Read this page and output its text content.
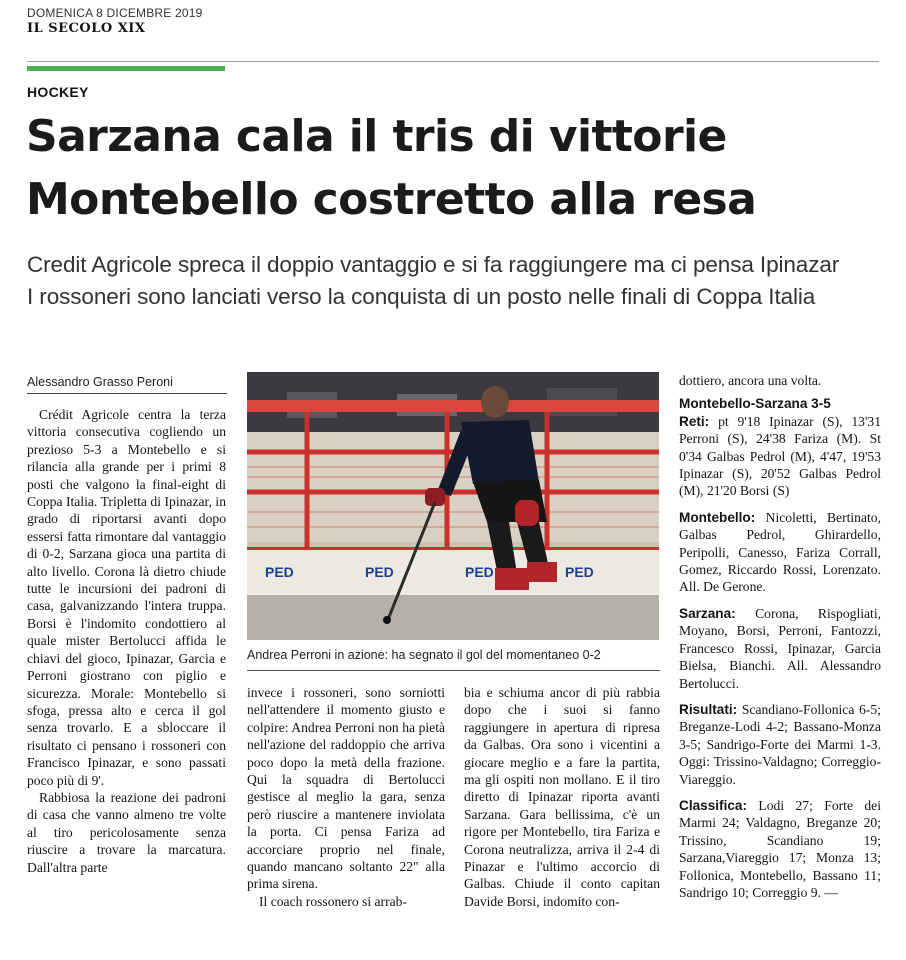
DOMENICA 8 DICEMBRE 2019
IL SECOLO XIX
HOCKEY
Sarzana cala il tris di vittorie
Montebello costretto alla resa
Credit Agricole spreca il doppio vantaggio e si fa raggiungere ma ci pensa Ipinazar
I rossoneri sono lanciati verso la conquista di un posto nelle finali di Coppa Italia
Alessandro Grasso Peroni

Crédit Agricole centra la terza vittoria consecutiva cogliendo un prezioso 5-3 a Montebello e si rilancia alla grande per i primi 8 posti che valgono la final-eight di Coppa Italia. Tripletta di Ipinazar, in grado di riportarsi avanti dopo essersi fatta rimontare dal vantaggio di 0-2, Sarzana gioca una partita di alto livello. Corona là dietro chiude tutte le incursioni dei padroni di casa, galvanizzando l'intera truppa. Borsi è l'indomito condottiero al quale mister Bertolucci affida le chiavi del gioco, Ipinazar, Garcia e Perroni giostrano con piglio e sicurezza. Morale: Montebello si sfoga, pressa alto e cerca il gol senza trovarlo. E a sbloccare il risultato ci pensano i rossoneri con Francisco Ipinazar, e sono passati poco più di 9'.

Rabbiosa la reazione dei padroni di casa che vanno almeno tre volte al tiro pericolosamente senza riuscire a trovare la marcatura. Dall'altra parte

PED	PED	PED	PED
Andrea Perroni in azione: ha segnato il gol del momentaneo 0-2

invece i rossoneri, sono sorniotti nell'attendere il momento giusto e colpire: Andrea Perroni non ha pietà nell'azione del raddoppio che arriva poco dopo la metà della frazione. Qui la squadra di Bertolucci gestisce al meglio la gara, senza però riuscire a mantenere inviolata la porta. Ci pensa Fariza ad accorciare proprio nel finale, quando mancano soltanto 22" alla prima sirena.

Il coach rossonero si arrab-

bia e schiuma ancor di più rabbia dopo che i suoi si fanno raggiungere in apertura di ripresa da Galbas. Ora sono i vicentini a giocare meglio e a fare la partita, ma gli ospiti non mollano. E il tiro diretto di Ipinazar riporta avanti Sarzana. Gara bellissima, c'è un rigore per Montebello, tira Fariza e Corona neutralizza, arriva il 2-4 di Pinazar e l'ultimo accorcio di Galbas. Chiude il conto capitan Davide Borsi, indomito con-

dottiero, ancora una volta.

Montebello-Sarzana 3-5

Reti: pt 9'18 Ipinazar (S), 13'31 Perroni (S), 24'38 Fariza (M). St 0'34 Galbas Pedrol (M), 4'47, 19'53 Ipinazar (S), 20'52 Galbas Pedrol (M), 21'20 Borsi (S)

Montebello: Nicoletti, Bertinato, Galbas Pedrol, Ghirardello, Peripolli, Canesso, Fariza Corrall, Gomez, Riccardo Rossi, Lorenzato. All. De Gerone.

Sarzana: Corona, Rispogliati, Moyano, Borsi, Perroni, Fantozzi, Francesco Rossi, Ipinazar, Garcia Bielsa, Bianchi. All. Alessandro Bertolucci.

Risultati: Scandiano-Follonica 6-5; Breganze-Lodi 4-2; Bassano-Monza 3-5; Sandrigo-Forte dei Marmi 1-3. Oggi: Trissino-Valdagno; Correggio-Viareggio.

Classifica: Lodi 27; Forte dei Marmi 24; Valdagno, Breganze 20; Trissino, Scandiano 19; Sarzana,Viareggio 17; Monza 13; Follonica, Montebello, Bassano 11; Sandrigo 10; Correggio 9. —
